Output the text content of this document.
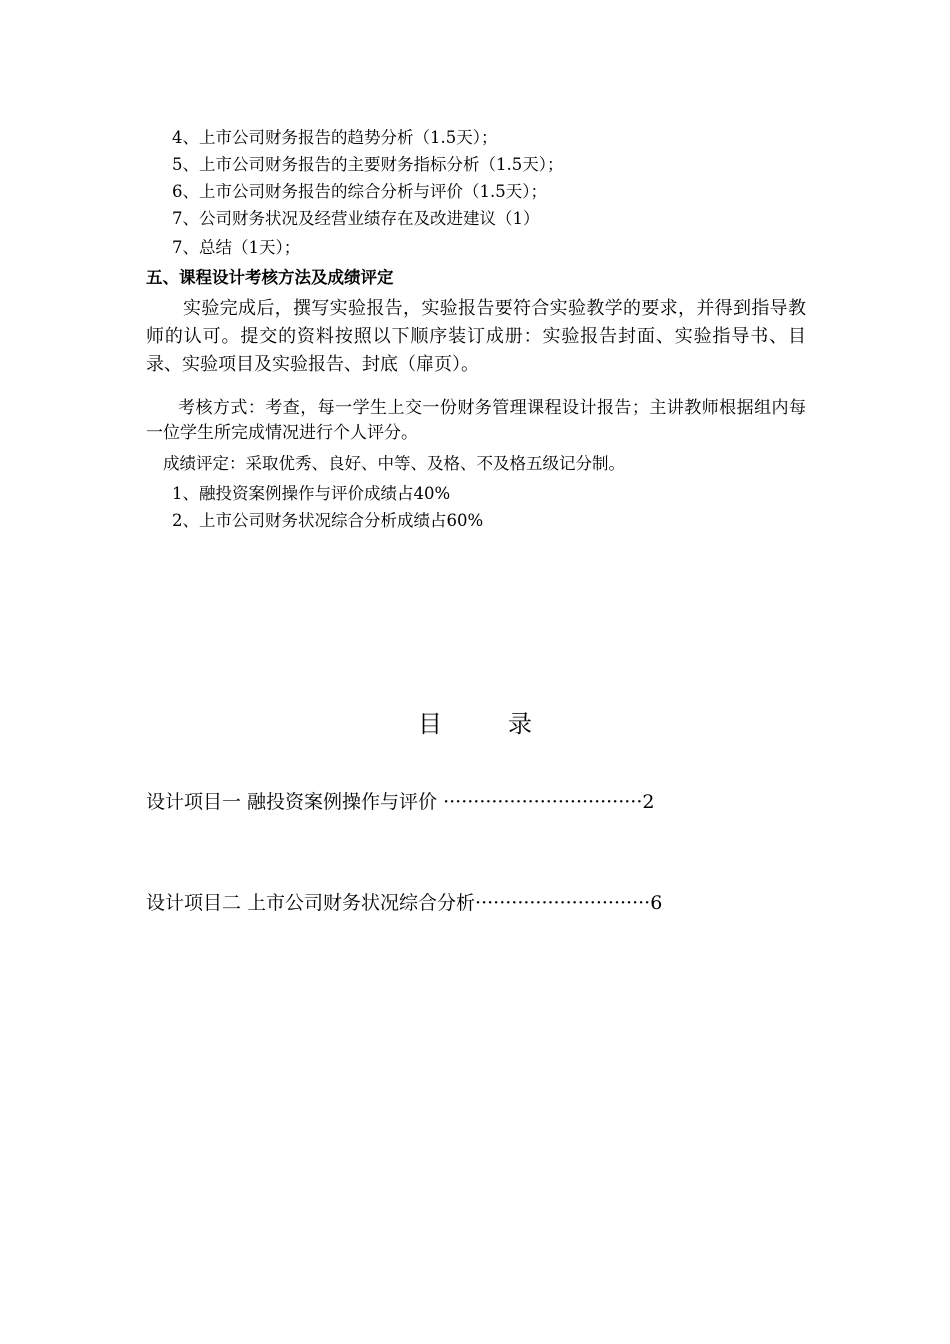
4、上市公司财务报告的趋势分析（1.5天）；
5、上市公司财务报告的主要财务指标分析（1.5天）；
6、上市公司财务报告的综合分析与评价（1.5天）；
7、公司财务状况及经营业绩存在及改进建议（1）
7、总结（1天）；
五、课程设计考核方法及成绩评定
实验完成后，撰写实验报告，实验报告要符合实验教学的要求，并得到指导教师的认可。提交的资料按照以下顺序装订成册：实验报告封面、实验指导书、目录、实验项目及实验报告、封底（扉页）。
考核方式：考查，每一学生上交一份财务管理课程设计报告；主讲教师根据组内每一位学生所完成情况进行个人评分。
成绩评定：采取优秀、良好、中等、及格、不及格五级记分制。
1、融投资案例操作与评价成绩占40%
2、上市公司财务状况综合分析成绩占60%
目	录
设计项目一 融投资案例操作与评价 ·································2
设计项目二 上市公司财务状况综合分析·····························6
